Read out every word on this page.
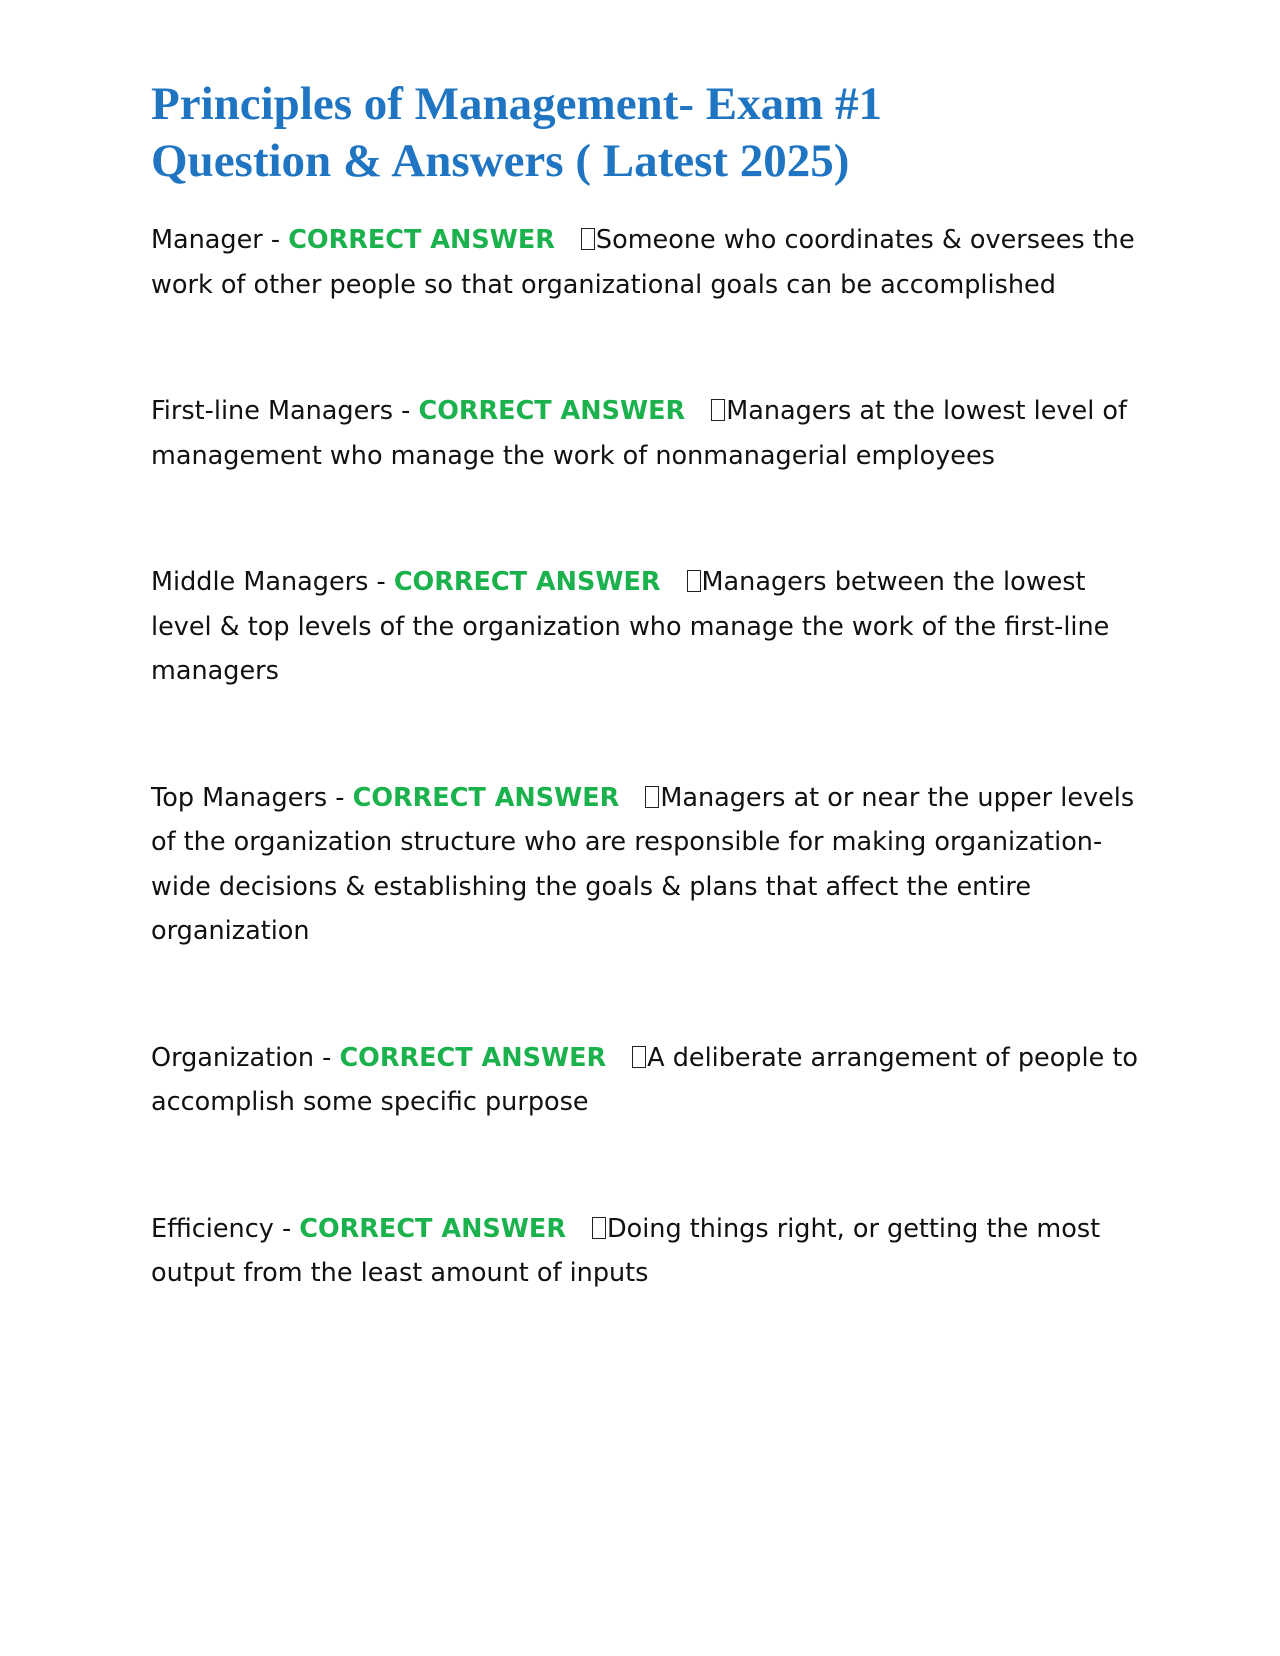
Principles of Management- Exam #1
Question & Answers ( Latest 2025)
Manager - CORRECT ANSWER Someone who coordinates & oversees the work of other people so that organizational goals can be accomplished
First-line Managers - CORRECT ANSWER Managers at the lowest level of management who manage the work of nonmanagerial employees
Middle Managers - CORRECT ANSWER Managers between the lowest level & top levels of the organization who manage the work of the first-line managers
Top Managers - CORRECT ANSWER Managers at or near the upper levels of the organization structure who are responsible for making organization-wide decisions & establishing the goals & plans that affect the entire organization
Organization - CORRECT ANSWER A deliberate arrangement of people to accomplish some specific purpose
Efficiency - CORRECT ANSWER Doing things right, or getting the most output from the least amount of inputs
